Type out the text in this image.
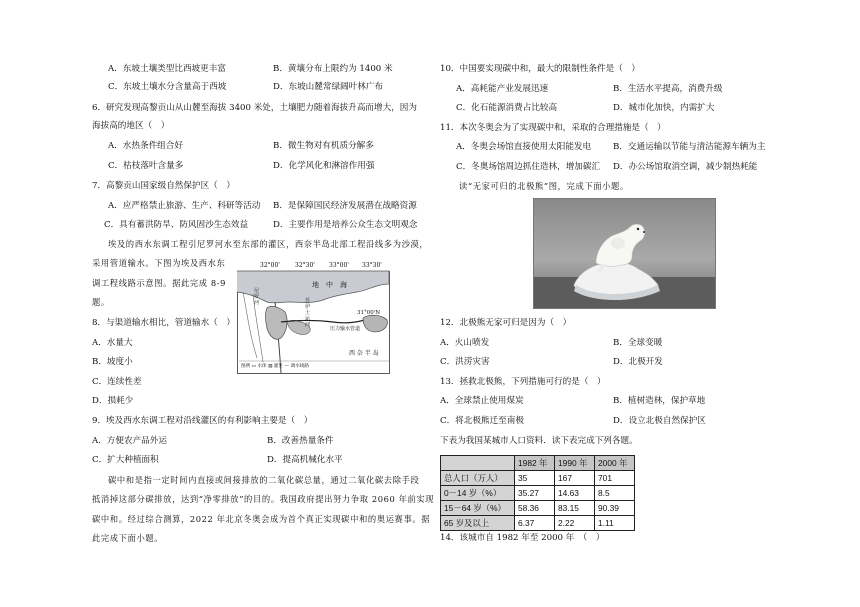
A．东坡土壤类型比西坡更丰富	B．黄壤分布上限约为 1400 米
C．东坡土壤水分含量高于西坡	D．东坡山麓常绿阔叶林广布
6．研究发现高黎贡山从山麓至海拔 3400 米处，土壤肥力随着海拔升高而增大，因为
海拔高的地区（　）
A．水热条件组合好	B．微生物对有机质分解多
C．枯枝落叶含量多	D．化学风化和淋溶作用强
7．高黎贡山国家级自然保护区（　）
A．应严格禁止旅游、生产、科研等活动 B．是保障国民经济发展潜在战略资源
C．具有蓄洪防旱、防风固沙生态效益	D．主要作用是培养公众生态文明观念
埃及的西水东调工程引尼罗河水至东部的灌区，西奈半岛北部工程沿线多为沙漠，
采用管道输水。下图为埃及西水东
调工程线路示意图。据此完成 8-9
题。
32°00'	32°30' 33°00' 33°30'
地　中　海
31°00'N
尼罗河	苏伊士运河
压力输水管道
西 奈 半 岛
图例 ▭ 水体 ▨ 灌区 — 调水线路
8．与渠道输水相比，管道输水（　）
A．水量大
B．坡度小
C．连续性差
D．损耗少
9．埃及西水东调工程对沿线灌区的有利影响主要是（　）
A．方便农产品外运	B．改善热量条件
C．扩大种植面积	D．提高机械化水平
碳中和是指一定时间内直接或间接排放的二氧化碳总量，通过二氧化碳去除手段
抵消掉这部分碳排放，达到“净零排放”的目的。我国政府提出努力争取 2060 年前实现
碳中和。经过综合测算，2022 年北京冬奥会成为首个真正实现碳中和的奥运赛事。据
此完成下面小题。
10．中国要实现碳中和，最大的限制性条件是（　）
A．高耗能产业发展迅速	B．生活水平提高，消费升级
C．化石能源消费占比较高	D．城市化加快，内需扩大
11．本次冬奥会为了实现碳中和，采取的合理措施是（　）
A．冬奥会场馆直接使用太阳能发电	B．交通运输以节能与清洁能源车辆为主
C．冬奥场馆周边抓住造林，增加碳汇 D．办公场馆取消空调，减少制热耗能
读“无家可归的北极熊”图，完成下面小题。
12．北极熊无家可归是因为（　）
A．火山喷发	B．全球变暖
C．洪涝灾害	D．北极开发
13．拯救北极熊，下列措施可行的是（　）
A．全球禁止使用煤炭	B．植树造林，保护草地
C．将北极熊迁至南极	D．设立北极自然保护区
下表为我国某城市人口资料．读下表完成下列各题。
	1982 年	1990 年	2000 年
总人口（万人）	35	167	701
0－14 岁（%）	35.27	14.63	8.5
15－64 岁（%）	58.36	83.15	90.39
65 岁及以上	6.37	2.22	1.11
14．该城市自 1982 年至 2000 年　（　）
